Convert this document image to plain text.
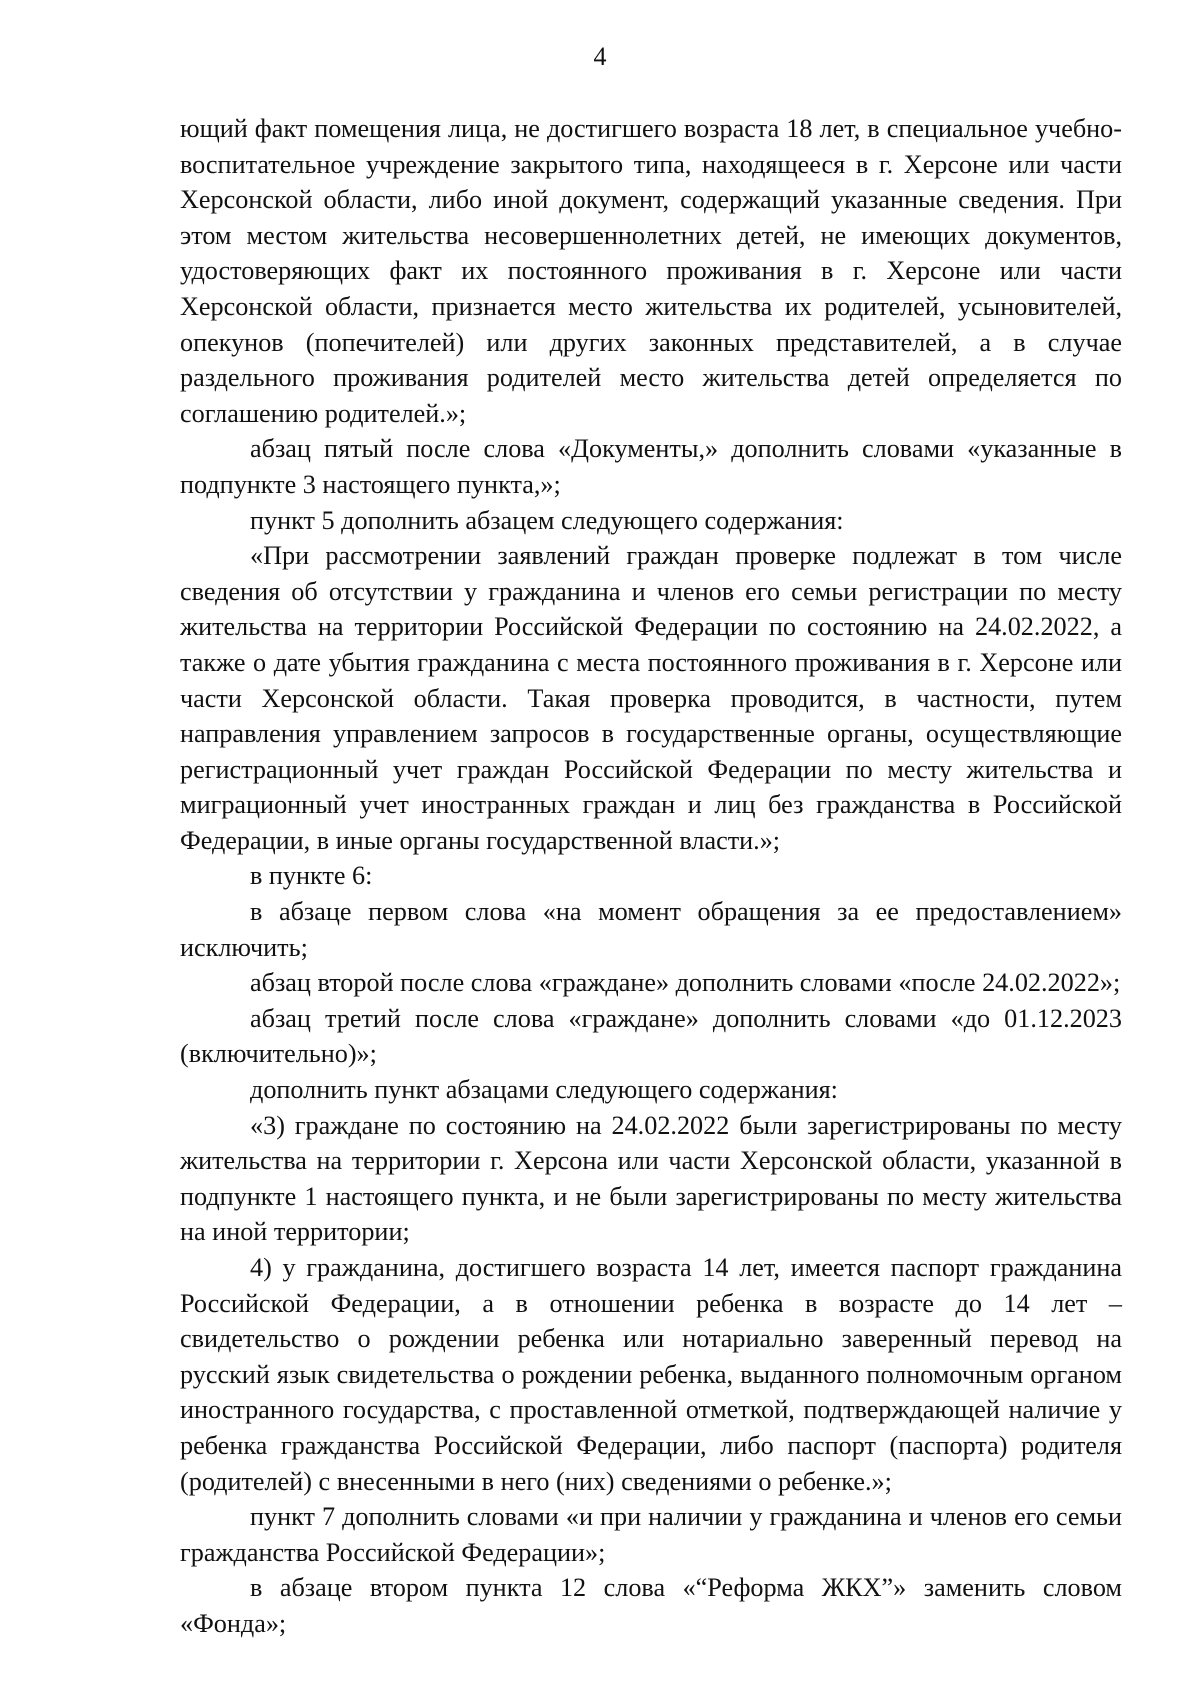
4

ющий факт помещения лица, не достигшего возраста 18 лет, в специальное учебно-воспитательное учреждение закрытого типа, находящееся в г. Херсоне или части Херсонской области, либо иной документ, содержащий указанные сведения. При этом местом жительства несовершеннолетних детей, не имеющих документов, удостоверяющих факт их постоянного проживания в г. Херсоне или части Херсонской области, признается место жительства их родителей, усыновителей, опекунов (попечителей) или других законных представителей, а в случае раздельного проживания родителей место жительства детей определяется по соглашению родителей.»;

абзац пятый после слова «Документы,» дополнить словами «указанные в подпункте 3 настоящего пункта,»;

пункт 5 дополнить абзацем следующего содержания:

«При рассмотрении заявлений граждан проверке подлежат в том числе сведения об отсутствии у гражданина и членов его семьи регистрации по месту жительства на территории Российской Федерации по состоянию на 24.02.2022, а также о дате убытия гражданина с места постоянного проживания в г. Херсоне или части Херсонской области. Такая проверка проводится, в частности, путем направления управлением запросов в государственные органы, осуществляющие регистрационный учет граждан Российской Федерации по месту жительства и миграционный учет иностранных граждан и лиц без гражданства в Российской Федерации, в иные органы государственной власти.»;

в пункте 6:

в абзаце первом слова «на момент обращения за ее предоставлением» исключить;

абзац второй после слова «граждане» дополнить словами «после 24.02.2022»;

абзац третий после слова «граждане» дополнить словами «до 01.12.2023 (включительно)»;

дополнить пункт абзацами следующего содержания:

«3) граждане по состоянию на 24.02.2022 были зарегистрированы по месту жительства на территории г. Херсона или части Херсонской области, указанной в подпункте 1 настоящего пункта, и не были зарегистрированы по месту жительства на иной территории;

4) у гражданина, достигшего возраста 14 лет, имеется паспорт гражданина Российской Федерации, а в отношении ребенка в возрасте до 14 лет – свидетельство о рождении ребенка или нотариально заверенный перевод на русский язык свидетельства о рождении ребенка, выданного полномочным органом иностранного государства, с проставленной отметкой, подтверждающей наличие у ребенка гражданства Российской Федерации, либо паспорт (паспорта) родителя (родителей) с внесенными в него (них) сведениями о ребенке.»;

пункт 7 дополнить словами «и при наличии у гражданина и членов его семьи гражданства Российской Федерации»;

в абзаце втором пункта 12 слова «“Реформа ЖКХ”» заменить словом «Фонда»;
